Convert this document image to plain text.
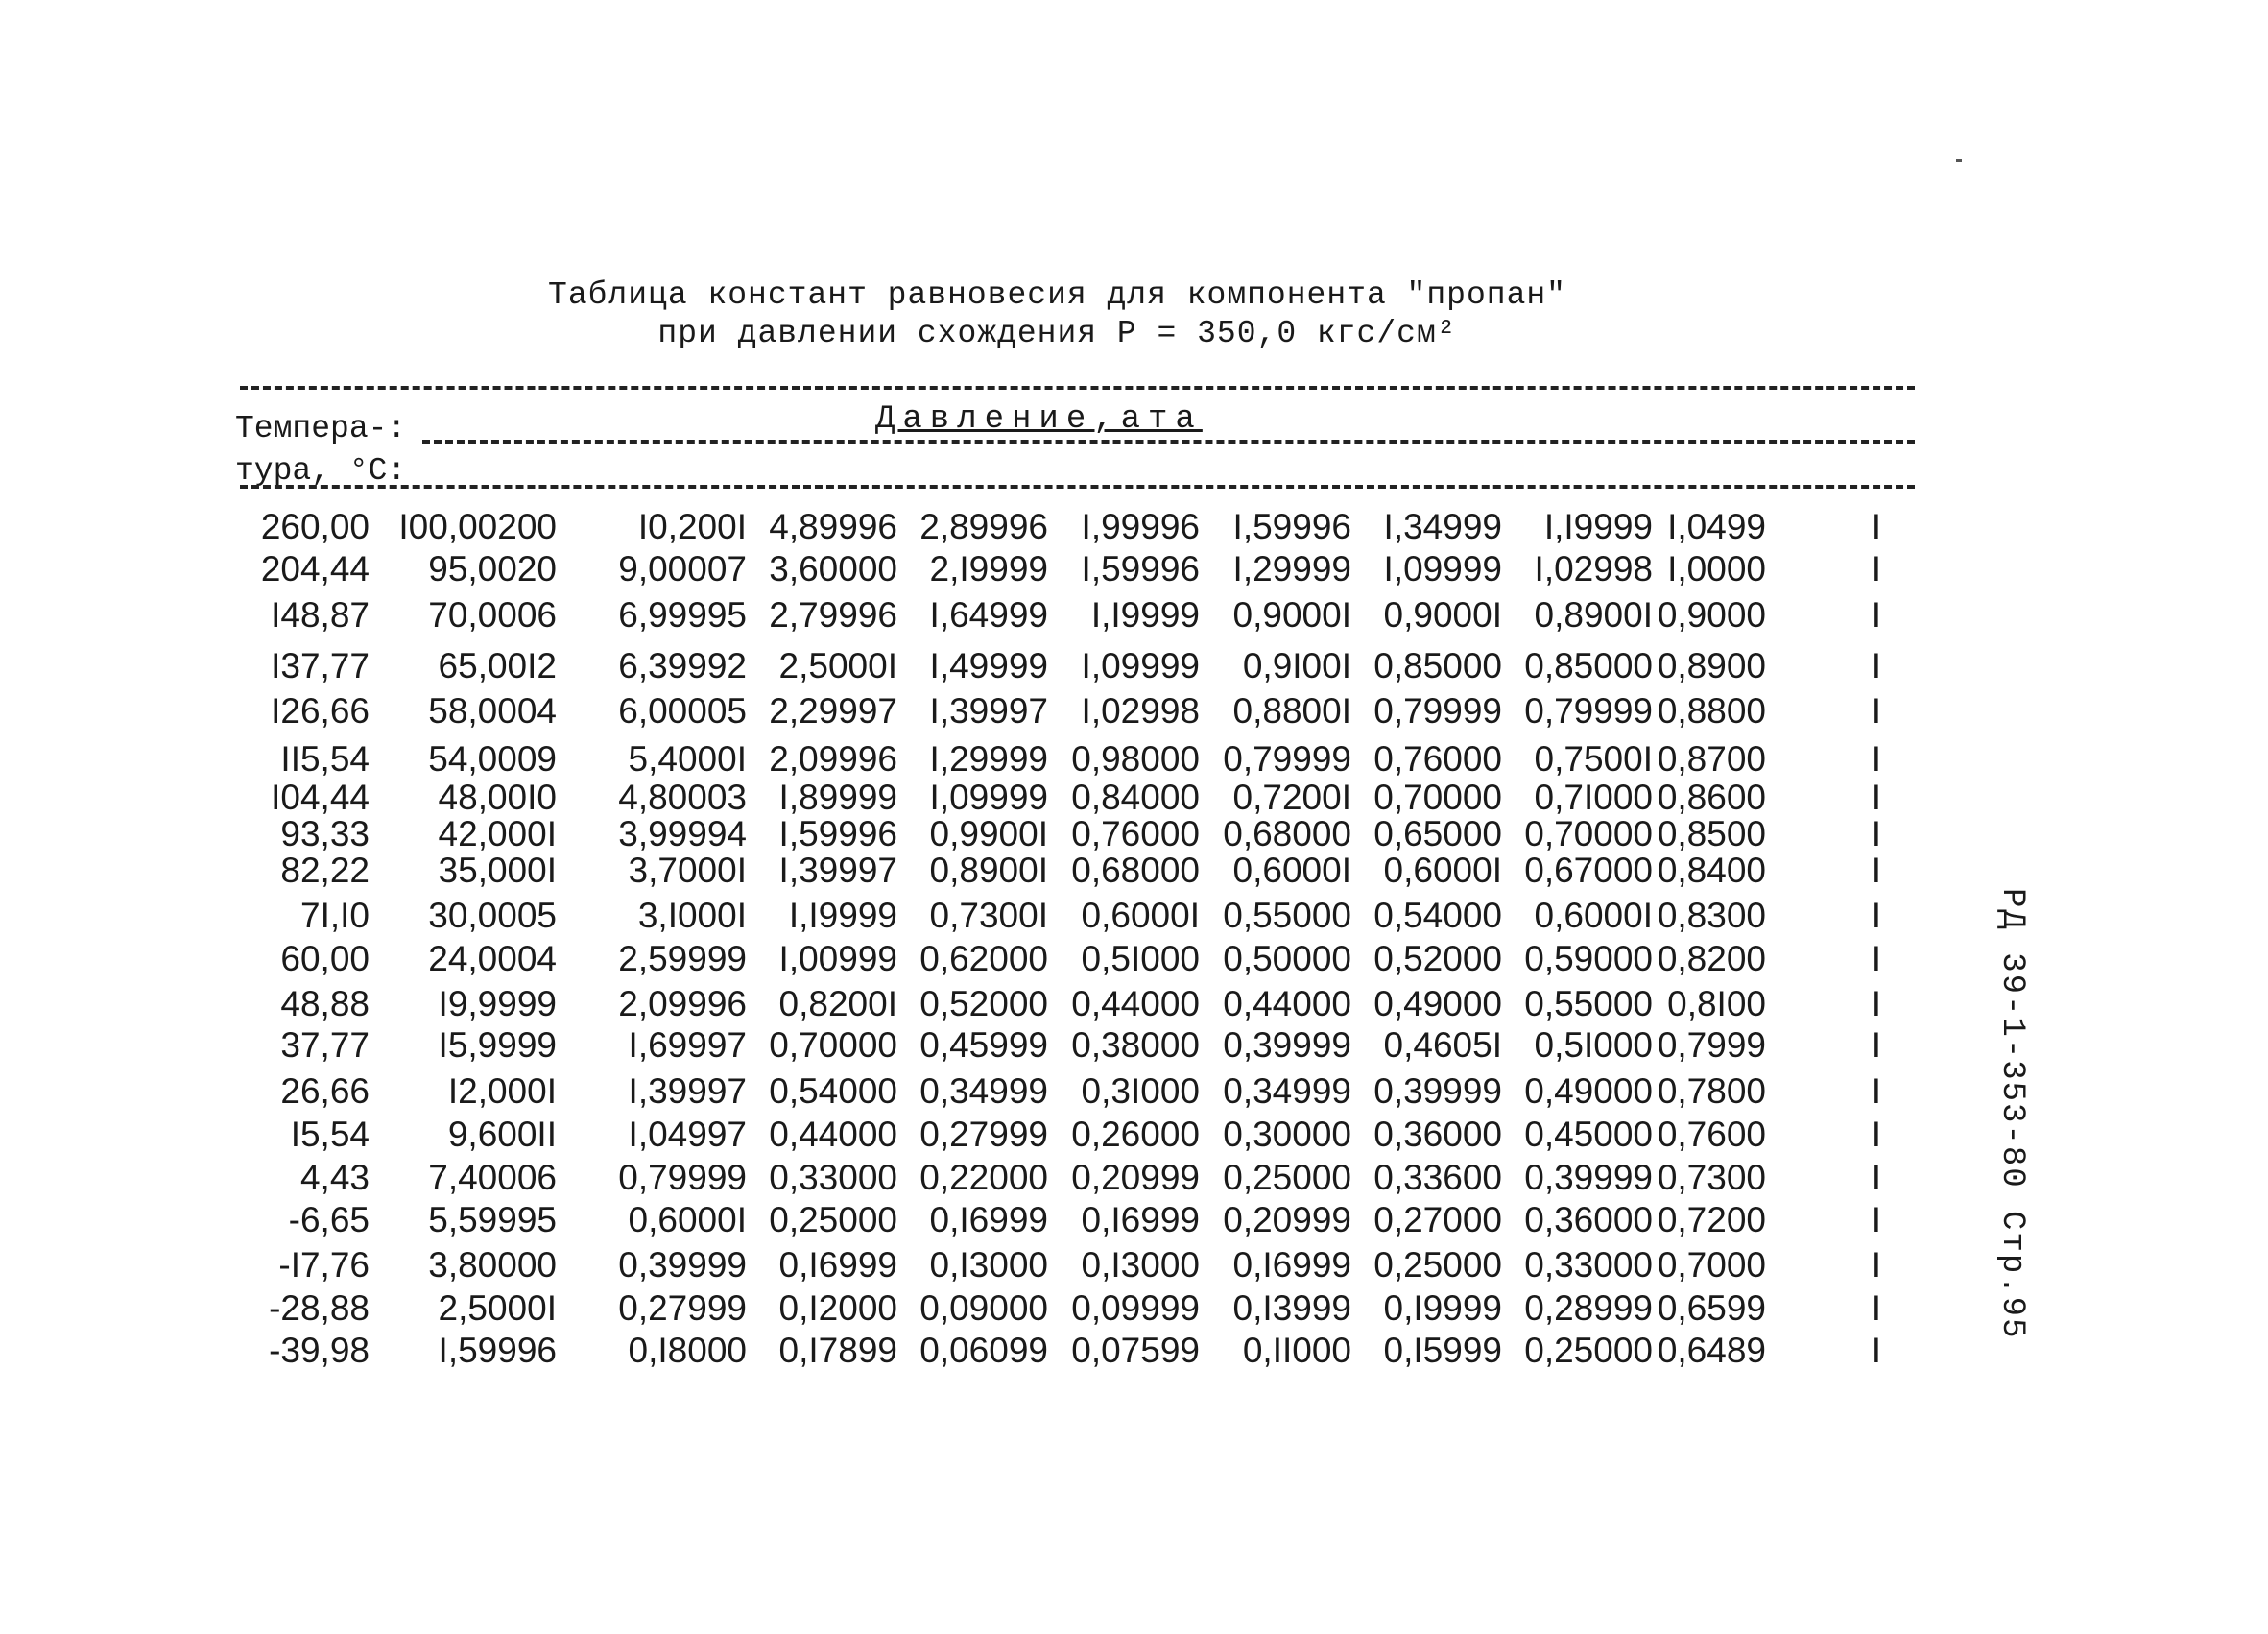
Таблица констант равновесия для компонента "пропан"
при давлении схождения P = 350,0 кгс/см²
Темпера-:
тура, °C:
Давление,ата
260,00 I00,00200	I0,200I 4,89996 2,89996 I,99996 I,59996 I,34999	I,I9999 I,0499	I
204,44	95,0020	9,00007 3,60000 2,I9999 I,59996 I,29999 I,09999 I,02998 I,0000	I
I48,87	70,0006	6,99995 2,79996 I,64999	I,I9999 0,9000I 0,9000I 0,8900I 0,9000	I
I37,77	65,00I2	6,39992 2,5000I I,49999 I,09999	0,9I00I 0,85000 0,85000 0,8900	I
I26,66	58,0004	6,00005 2,29997 I,39997 I,02998 0,8800I 0,79999 0,79999 0,8800	I
II5,54	54,0009	5,4000I 2,09996 I,29999 0,98000 0,79999 0,76000 0,7500I 0,8700	I
I04,44	48,00I0	4,80003 I,89999 I,09999 0,84000 0,7200I 0,70000 0,7I000 0,8600	I
93,33	42,000I	3,99994 I,59996 0,9900I 0,76000 0,68000 0,65000 0,70000 0,8500	I
82,22	35,000I	3,7000I I,39997 0,8900I 0,68000 0,6000I 0,6000I 0,67000 0,8400	I
7I,I0	30,0005	3,I000I	I,I9999 0,7300I 0,6000I 0,55000 0,54000 0,6000I 0,8300	I
60,00	24,0004	2,59999 I,00999 0,62000 0,5I000 0,50000 0,52000 0,59000 0,8200	I
48,88	I9,9999	2,09996 0,8200I 0,52000 0,44000 0,44000 0,49000 0,55000 0,8I00	I
37,77	I5,9999	I,69997 0,70000 0,45999 0,38000 0,39999 0,4605I 0,5I000 0,7999	I
26,66	I2,000I	I,39997 0,54000 0,34999 0,3I000 0,34999 0,39999 0,49000 0,7800	I
I5,54	9,600II	I,04997 0,44000 0,27999 0,26000 0,30000 0,36000 0,45000 0,7600	I
4,43	7,40006	0,79999 0,33000 0,22000 0,20999 0,25000 0,33600 0,39999 0,7300	I
-6,65	5,59995	0,6000I 0,25000 0,I6999 0,I6999 0,20999 0,27000 0,36000 0,7200	I
-I7,76	3,80000	0,39999 0,I6999 0,I3000 0,I3000 0,I6999 0,25000 0,33000 0,7000	I
-28,88	2,5000I	0,27999 0,I2000 0,09000 0,09999 0,I3999 0,I9999 0,28999 0,6599	I
-39,98	I,59996	0,I8000 0,I7899 0,06099 0,07599	0,II000 0,I5999 0,25000 0,6489	I
РД 39-1-353-80 Стр.95
